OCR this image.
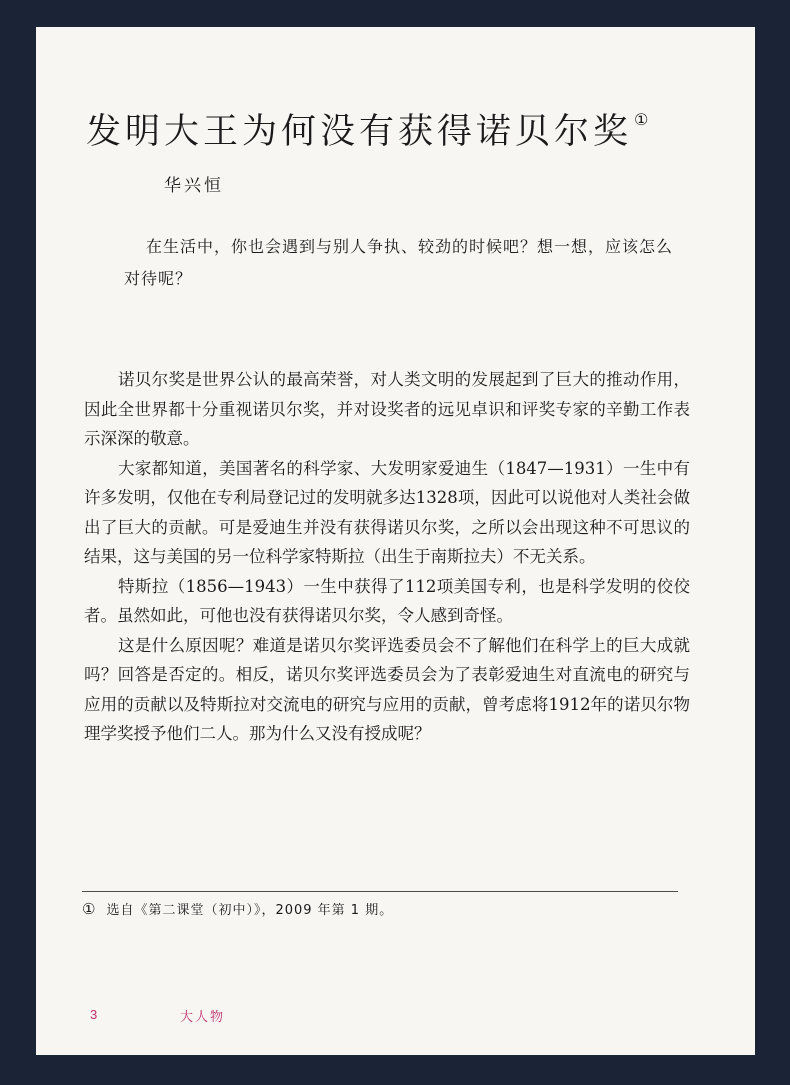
发明大王为何没有获得诺贝尔奖 ①
华兴恒

在生活中，你也会遇到与别人争执、较劲的时候吧？想一想，应该怎么对待呢？

诺贝尔奖是世界公认的最高荣誉，对人类文明的发展起到了巨大的推动作用，因此全世界都十分重视诺贝尔奖，并对设奖者的远见卓识和评奖专家的辛勤工作表示深深的敬意。

大家都知道，美国著名的科学家、大发明家爱迪生（1847—1931）一生中有许多发明，仅他在专利局登记过的发明就多达1328项，因此可以说他对人类社会做出了巨大的贡献。可是爱迪生并没有获得诺贝尔奖，之所以会出现这种不可思议的结果，这与美国的另一位科学家特斯拉（出生于南斯拉夫）不无关系。

特斯拉（1856—1943）一生中获得了112项美国专利，也是科学发明的佼佼者。虽然如此，可他也没有获得诺贝尔奖，令人感到奇怪。

这是什么原因呢？难道是诺贝尔奖评选委员会不了解他们在科学上的巨大成就吗？回答是否定的。相反，诺贝尔奖评选委员会为了表彰爱迪生对直流电的研究与应用的贡献以及特斯拉对交流电的研究与应用的贡献，曾考虑将1912年的诺贝尔物理学奖授予他们二人。那为什么又没有授成呢？

① 选自《第二课堂（初中）》，2009 年第 1 期。
3	大人物
